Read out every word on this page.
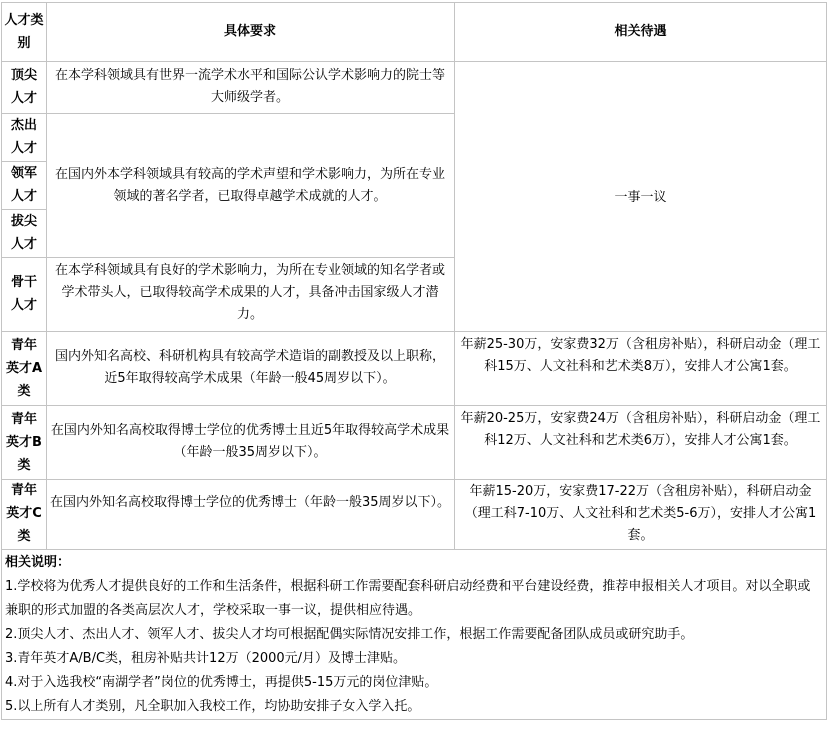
人才类别
具体要求	相关待遇
顶尖
人才
在本学科领域具有世界一流学术水平和国际公认学术影响力的院士等大师级学者。
杰出
人才
领军
人才
在国内外本学科领域具有较高的学术声望和学术影响力，为所在专业领域的著名学者，已取得卓越学术成就的人才。
拔尖
人才
一事一议
骨干
人才
在本学科领域具有良好的学术影响力，为所在专业领域的知名学者或学术带头人，已取得较高学术成果的人才，具备冲击国家级人才潜力。
青年
英才A
类
国内外知名高校、科研机构具有较高学术造诣的副教授及以上职称，近5年取得较高学术成果（年龄一般45周岁以下）。
年薪25-30万，安家费32万（含租房补贴），科研启动金（理工科15万、人文社科和艺术类8万），安排人才公寓1套。
青年
英才B
类
在国内外知名高校取得博士学位的优秀博士且近5年取得较高学术成果（年龄一般35周岁以下）。
年薪20-25万，安家费24万（含租房补贴），科研启动金（理工科12万、人文社科和艺术类6万），安排人才公寓1套。
青年
英才C
类
在国内外知名高校取得博士学位的优秀博士（年龄一般35周岁以下）。
年薪15-20万，安家费17-22万（含租房补贴），科研启动金（理工科7-10万、人文社科和艺术类5-6万），安排人才公寓1套。
相关说明：
1.学校将为优秀人才提供良好的工作和生活条件，根据科研工作需要配套科研启动经费和平台建设经费，推荐申报相关人才项目。对以全职或兼职的形式加盟的各类高层次人才，学校采取一事一议，提供相应待遇。
2.顶尖人才、杰出人才、领军人才、拔尖人才均可根据配偶实际情况安排工作，根据工作需要配备团队成员或研究助手。
3.青年英才A/B/C类，租房补贴共计12万（2000元/月）及博士津贴。
4.对于入选我校“南湖学者”岗位的优秀博士，再提供5-15万元的岗位津贴。
5.以上所有人才类别，凡全职加入我校工作，均协助安排子女入学入托。
